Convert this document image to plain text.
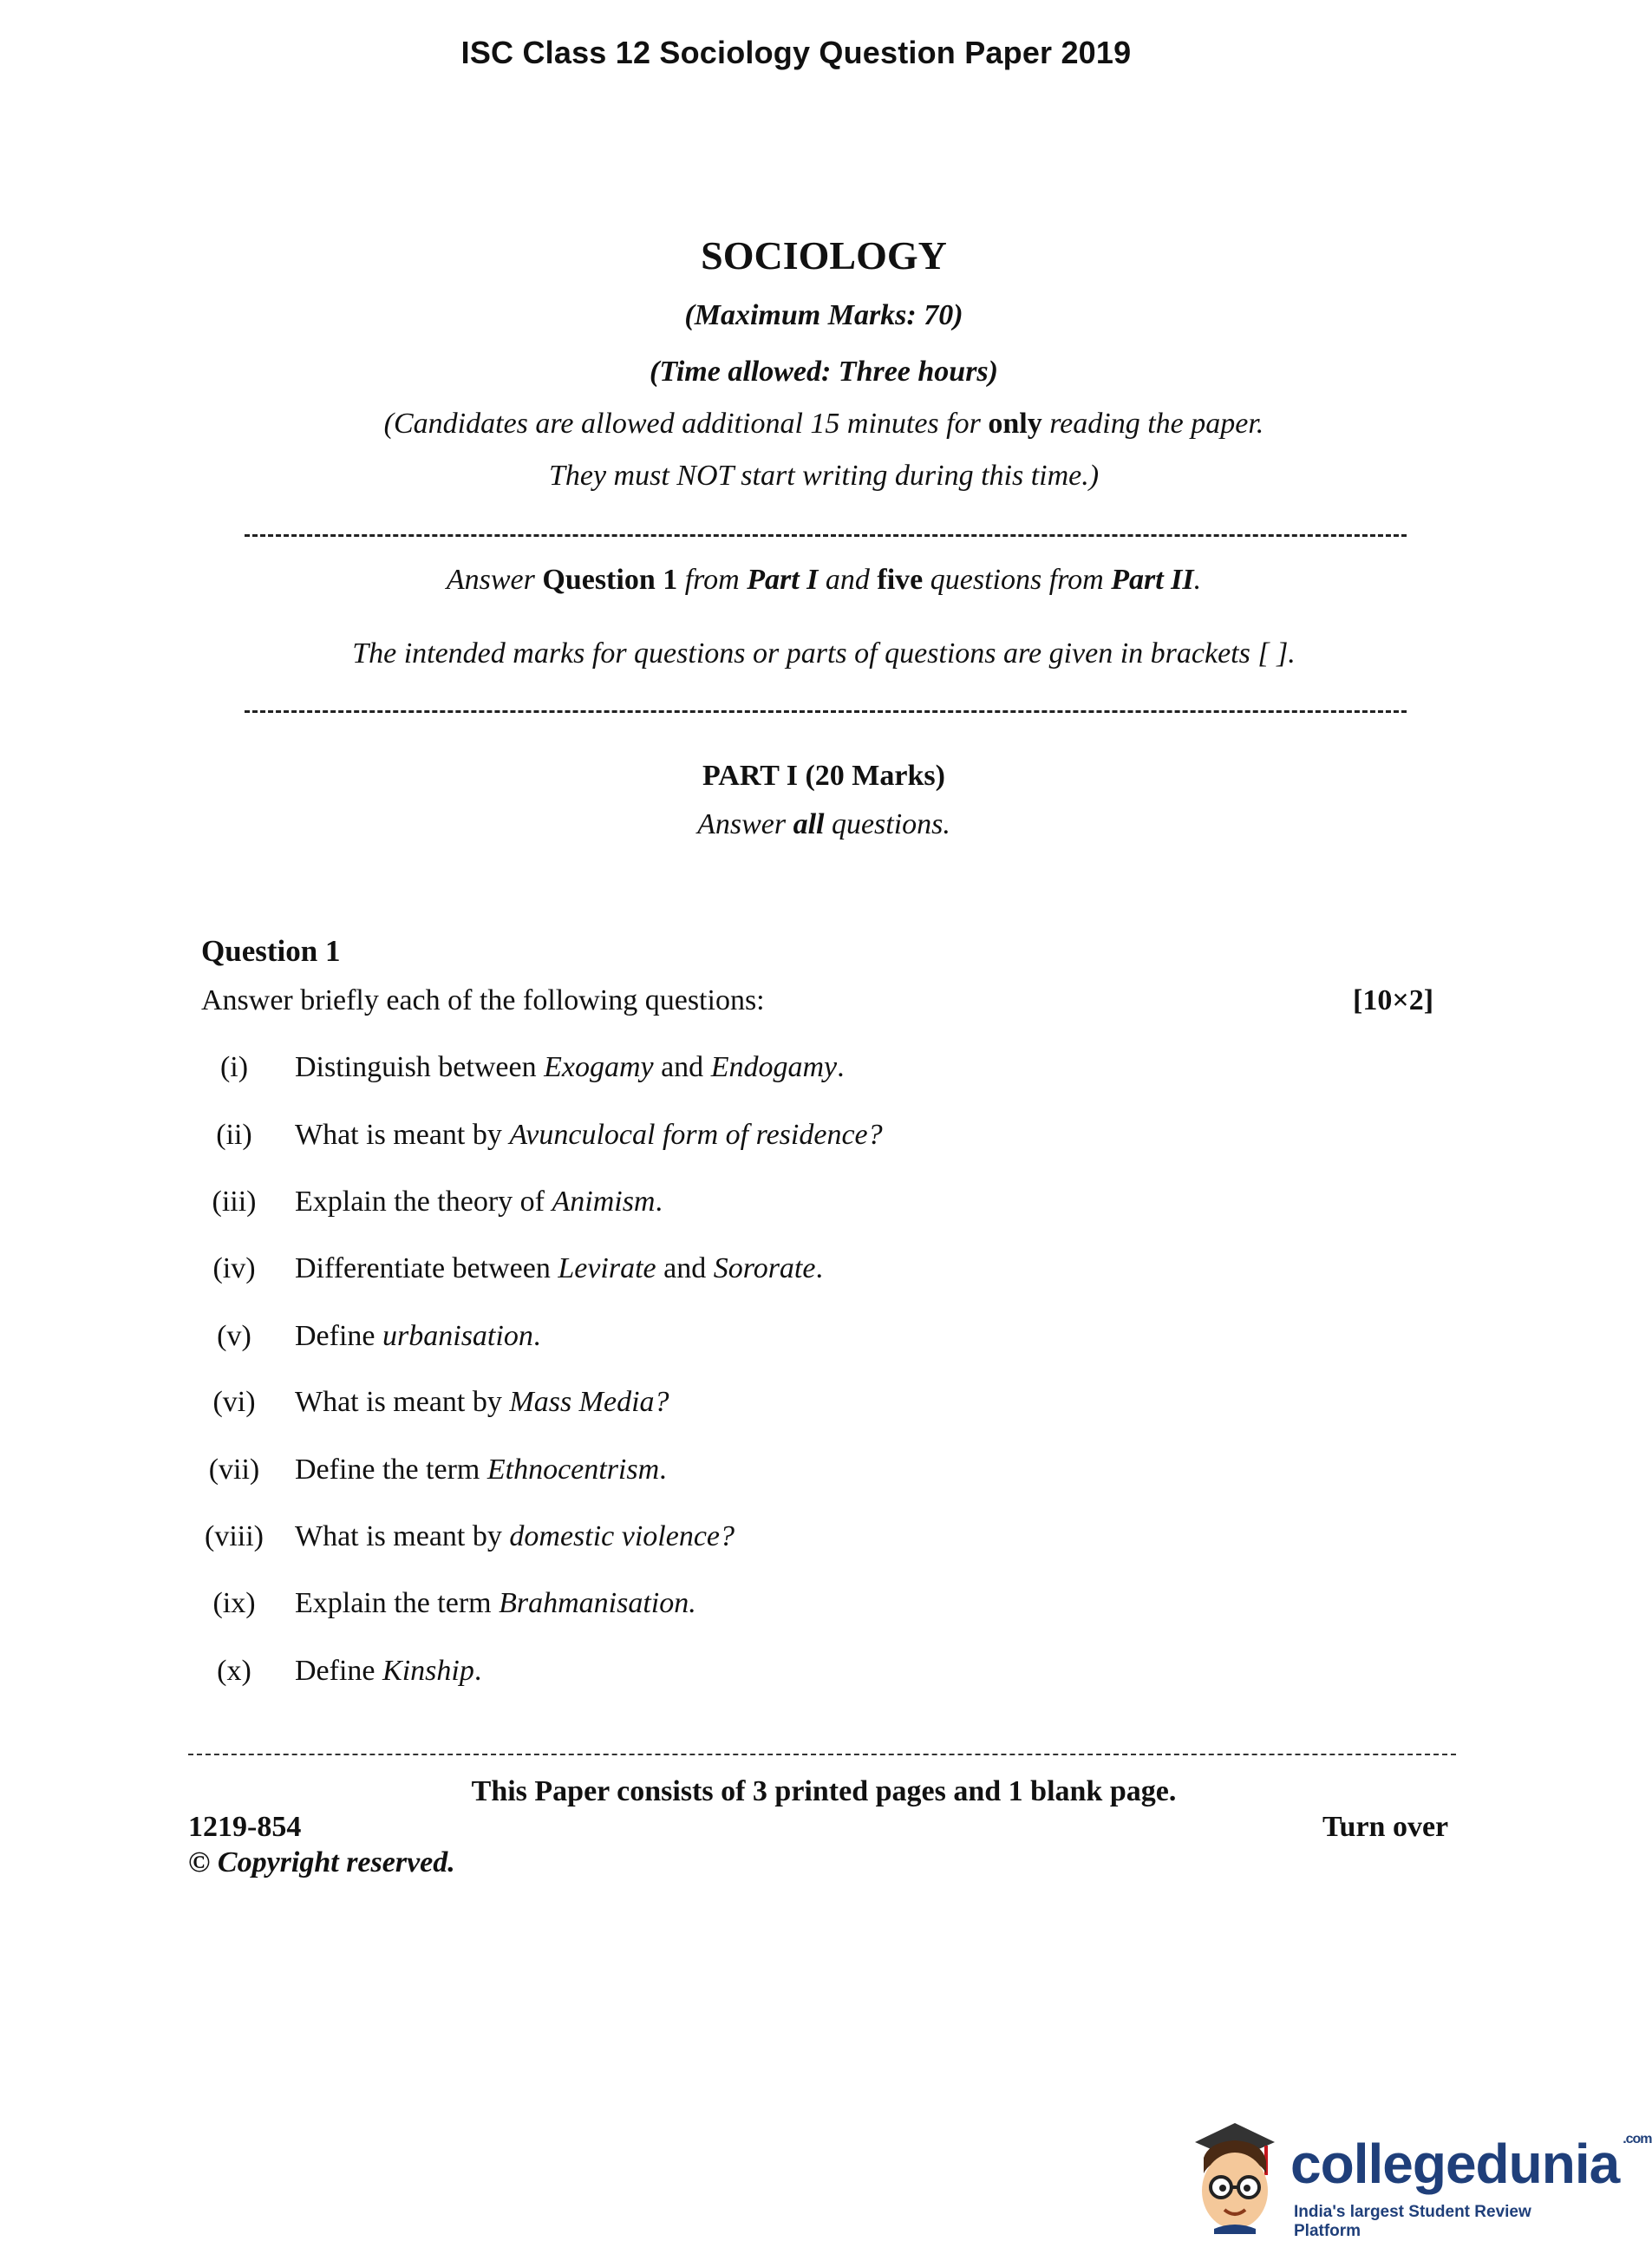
ISC Class 12 Sociology Question Paper 2019
SOCIOLOGY
(Maximum Marks: 70)
(Time allowed: Three hours)
(Candidates are allowed additional 15 minutes for only reading the paper.
They must NOT start writing during this time.)
Answer Question 1 from Part I and five questions from Part II.
The intended marks for questions or parts of questions are given in brackets [ ].
PART I (20 Marks)
Answer all questions.
Question 1
Answer briefly each of the following questions:	[10×2]
(i)	Distinguish between Exogamy and Endogamy.
(ii)	What is meant by Avunculocal form of residence?
(iii)	Explain the theory of Animism.
(iv)	Differentiate between Levirate and Sororate.
(v)	Define urbanisation.
(vi)	What is meant by Mass Media?
(vii)	Define the term Ethnocentrism.
(viii)	What is meant by domestic violence?
(ix)	Explain the term Brahmanisation.
(x)	Define Kinship.
This Paper consists of 3 printed pages and 1 blank page.
1219-854	Turn over
© Copyright reserved.
collegedunia $^{.com}$
India's largest Student Review Platform
